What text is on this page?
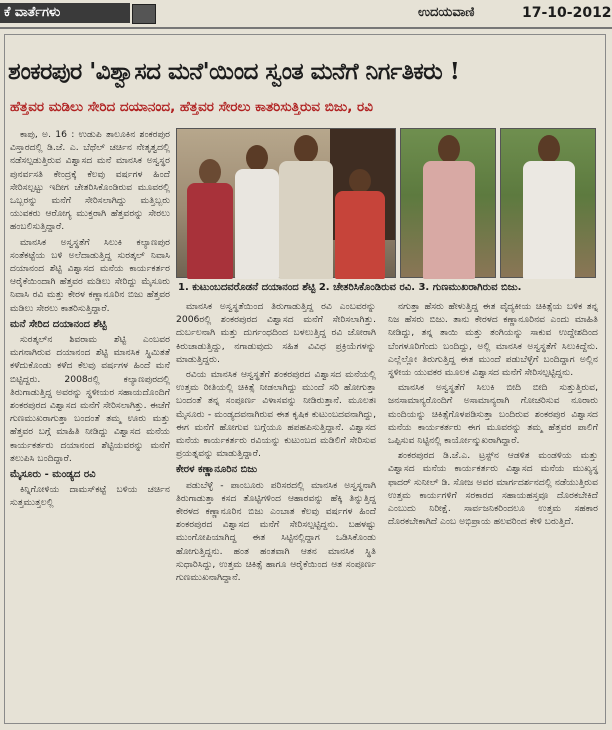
ಕೆ ವಾರ್ತೆಗಳು	ಉದಯವಾಣಿ	17-10-2012
ಶಂಕರಪುರ 'ವಿಶ್ವಾಸದ ಮನೆ'ಯಿಂದ ಸ್ವಂತ ಮನೆಗೆ ನಿರ್ಗತಿಕರು !
ಹೆತ್ತವರ ಮಡಿಲು ಸೇರಿದ ದಯಾನಂದ, ಹೆತ್ತವರ ಸೇರಲು ಕಾತರಿಸುತ್ತಿರುವ ಬಿಜು, ರವಿ
1. ಕುಟುಂಬದವರೊಡನೆ ದಯಾನಂದ ಶೆಟ್ಟಿ 2. ಚೇತರಿಸಿಕೊಂಡಿರುವ ರವಿ. 3. ಗುಣಮುಖರಾಗಿರುವ ಬಿಜು.

ಕಾಪು, ಅ. 16 : ಉಡುಪಿ ತಾಲೂಕಿನ ಶಂಕರಪುರ ವಿಸ್ತಾರದಲ್ಲಿ ಡಿ.ಜೆ. ಎ. ಬೆಥೆಲ್ ಚರ್ಚಿನ ನೇತೃತ್ವದಲ್ಲಿ ನಡೆಸಲ್ಪಡುತ್ತಿರುವ ವಿಶ್ವಾಸದ ಮನೆ ಮಾನಸಿಕ ಅಸ್ವಸ್ಥರ ಪುನರ್ವಸತಿ ಕೇಂದ್ರಕ್ಕೆ ಕೆಲವು ವರ್ಷಗಳ ಹಿಂದೆ ಸೇರಿಸಲ್ಪಟ್ಟು ಇದೀಗ ಚೇತರಿಸಿಕೊಂಡಿರುವ ಮೂವರಲ್ಲಿ ಒಬ್ಬರನ್ನು ಮನೆಗೆ ಸೇರಿಸಲಾಗಿದ್ದು ಮತ್ತಿಬ್ಬರು ಯುವಕರು ಆರೋಗ್ಯ ಮುಕ್ತರಾಗಿ ಹೆತ್ತವರನ್ನು ಸೇರಲು ಹಂಬಲಿಸುತ್ತಿದ್ದಾರೆ.

ಮಾನಸಿಕ ಅಸ್ವಸ್ಥತೆಗೆ ಸಿಲುಕಿ ಕಲ್ಯಾಣಪುರ ಸಂತೆಕಟ್ಟೆಯ ಬಳಿ ಅಲೆದಾಡುತ್ತಿದ್ದ ಸುರತ್ಕಲ್ ನಿವಾಸಿ ದಯಾನಂದ ಶೆಟ್ಟಿ ವಿಶ್ವಾಸದ ಮನೆಯ ಕಾರ್ಯಕರ್ತರ ಆರೈಕೆಯಿಂದಾಗಿ ಹೆತ್ತವರ ಮಡಿಲು ಸೇರಿದ್ದು ಮೈಸೂರು ನಿವಾಸಿ ರವಿ ಮತ್ತು ಕೇರಳ ಕಣ್ಣಾನೂರಿನ ಬಿಜು ಹೆತ್ತವರ ಮಡಿಲು ಸೇರಲು ಕಾತರಿಸುತ್ತಿದ್ದಾರೆ.

ಮನೆ ಸೇರಿದ ದಯಾನಂದ ಶೆಟ್ಟಿ

ಸುರತ್ಕಲ್‌ನ ಶಿವರಾಮ ಶೆಟ್ಟಿ ಎಂಬವರ ಮಗನಾಗಿರುವ ದಯಾನಂದ ಶೆಟ್ಟಿ ಮಾನಸಿಕ ಸ್ಥಿಮಿತತೆ ಕಳೆದುಕೊಂಡು ಕಳೆದ ಕೆಲವು ವರ್ಷಗಳ ಹಿಂದೆ ಮನೆ ಬಿಟ್ಟಿದ್ದರು. 2008ರಲ್ಲಿ ಕಲ್ಯಾಣಪುರದಲ್ಲಿ ತಿರುಗಾಡುತ್ತಿದ್ದ ಅವರನ್ನು ಸ್ಥಳೀಯರ ಸಹಾಯದೊಂದಿಗೆ ಶಂಕರಪುರದ ವಿಶ್ವಾಸದ ಮನೆಗೆ ಸೇರಿಸಲಾಗಿತ್ತು. ಈಚೆಗೆ ಗುಣಮುಖರಾಗುತ್ತಾ ಬಂದಂತೆ ತಮ್ಮ ಊರು ಮತ್ತು ಹೆತ್ತವರ ಬಗ್ಗೆ ಮಾಹಿತಿ ನೀಡಿದ್ದು ವಿಶ್ವಾಸದ ಮನೆಯ ಕಾರ್ಯಕರ್ತರು ದಯಾನಂದ ಶೆಟ್ಟಿಯವರನ್ನು ಮನೆಗೆ ತಲುಪಿಸಿ ಬಂದಿದ್ದಾರೆ.

ಮೈಸೂರು - ಮಂಡ್ಯದ ರವಿ

ಕಿನ್ನಿಗೋಳಿಯ ದಾಮಸ್‌ಕಟ್ಟೆ ಬಳಿಯ ಚರ್ಚಿನ ಸುತ್ತಮುತ್ತಲಲ್ಲಿ

ಮಾನಸಿಕ ಅಸ್ವಸ್ಥತೆಯಿಂದ ತಿರುಗಾಡುತ್ತಿದ್ದ ರವಿ ಎಂಬವರನ್ನು 2006ರಲ್ಲಿ ಶಂಕರಪುರದ ವಿಶ್ವಾಸದ ಮನೆಗೆ ಸೇರಿಸಲಾಗಿತ್ತು. ದುರ್ಬಲನಾಗಿ ಮತ್ತು ದುರ್ಗಂಧದಿಂದ ಬಳಲುತ್ತಿದ್ದ ರವಿ ಜೋರಾಗಿ ಕಿರುಚಾಡುತ್ತಿದ್ದು, ನಗಾಡುವುದು ಸಹಿತ ವಿವಿಧ ಪ್ರಕ್ರಿಯೆಗಳನ್ನು ಮಾಡುತ್ತಿದ್ದರು.

ರವಿಯ ಮಾನಸಿಕ ಆಸ್ವಸ್ಥತೆಗೆ ಶಂಕರಪುರದ ವಿಶ್ವಾಸದ ಮನೆಯಲ್ಲಿ ಉತ್ತಮ ರೀತಿಯಲ್ಲಿ ಚಿಕಿತ್ಸೆ ನೀಡಲಾಗಿದ್ದು ಮುಂದೆ ಸರಿ ಹೋಗುತ್ತಾ ಬಂದಂತೆ ತನ್ನ ಸಂಪೂರ್ಣ ವಿಳಾಸವನ್ನು ನೀಡಿರುತ್ತಾನೆ. ಮೂಲತಃ ಮೈಸೂರು - ಮಂಡ್ಯದವನಾಗಿರುವ ಈತ ಕೃಷಿಕ ಕುಟುಂಬದವನಾಗಿದ್ದು, ಈಗ ಮನೆಗೆ ಹೋಗುವ ಬಗ್ಗೆಯೂ ಹಪಹಪಿಸುತ್ತಿದ್ದಾನೆ. ವಿಶ್ವಾಸದ ಮನೆಯ ಕಾರ್ಯಕರ್ತರು ರವಿಯನ್ನು ಕುಟುಂಬದ ಮಡಿಲಿಗೆ ಸೇರಿಸುವ ಪ್ರಯತ್ನವನ್ನು ಮಾಡುತ್ತಿದ್ದಾರೆ.

ಕೇರಳ ಕಣ್ಣಾನೂರಿನ ಬಿಜು

ಪಡುಬೆಳ್ಳೆ - ಪಾಂಬೂರು ಪರಿಸರದಲ್ಲಿ ಮಾನಸಿಕ ಅಸ್ವಸ್ಥನಾಗಿ ತಿರುಗಾಡುತ್ತಾ ಕಸದ ತೊಟ್ಟಿಗಳಿಂದ ಆಹಾರವನ್ನು ಹೆಕ್ಕಿ ತಿನ್ನುತ್ತಿದ್ದ ಕೇರಳದ ಕಣ್ಣಾನೂರಿನ ಬಿಜು ಎಂಬಾತ ಕೆಲವು ವರ್ಷಗಳ ಹಿಂದೆ ಶಂಕರಪುರದ ವಿಶ್ವಾಸದ ಮನೆಗೆ ಸೇರಿಸಲ್ಪಟ್ಟಿದ್ದನು. ಬಹಳಷ್ಟು ಮುಂಗೋಪಿಯಾಗಿದ್ದ ಈತ ಸಿಟ್ಟಿನಲ್ಲಿದ್ದಾಗ ಒಡಿಸಿಕೊಂಡು ಹೋಗುತ್ತಿದ್ದನು. ಹಂತ ಹಂತವಾಗಿ ಆತನ ಮಾನಸಿಕ ಸ್ಥಿತಿ ಸುಧಾರಿಸಿದ್ದು, ಉತ್ತಮ ಚಿಕಿತ್ಸೆ ಹಾಗೂ ಆರೈಕೆಯಿಂದ ಆತ ಸಂಪೂರ್ಣ ಗುಣಮುಖನಾಗಿದ್ದಾನೆ.

ನಗುತ್ತಾ ಹೆಸರು ಹೇಳುತ್ತಿದ್ದ ಈತ ವೈದ್ಯಕೀಯ ಚಿಕಿತ್ಸೆಯ ಬಳಿಕ ತನ್ನ ನಿಜ ಹೆಸರು ಬಿಜು. ತಾನು ಕೇರಳದ ಕಣ್ಣಾನೂರಿನವ ಎಂದು ಮಾಹಿತಿ ನೀಡಿದ್ದು, ತನ್ನ ತಾಯಿ ಮತ್ತು ತಂಗಿಯನ್ನು ಸಾಕುವ ಉದ್ದೇಶದಿಂದ ಬೆಂಗಳೂರಿಗೆಂದು ಬಂದಿದ್ದು, ಅಲ್ಲಿ ಮಾನಸಿಕ ಅಸ್ವಸ್ಥತೆಗೆ ಸಿಲುಕಿದ್ದೆನು. ಎಲ್ಲೆಲ್ಲೋ ತಿರುಗುತ್ತಿದ್ದ ಈತ ಮುಂದೆ ಪಡುಬೆಳ್ಳೆಗೆ ಬಂದಿದ್ದಾಗ ಅಲ್ಲಿನ ಸ್ಥಳೀಯ ಯುವಕರ ಮೂಲಕ ವಿಶ್ವಾಸದ ಮನೆಗೆ ಸೇರಿಸಲ್ಪಟ್ಟಿದ್ದನು.

ಮಾನಸಿಕ ಅಸ್ವಸ್ಥತೆಗೆ ಸಿಲುಕಿ ಬೀದಿ ಬೀದಿ ಸುತ್ತುತ್ತಿರುವ, ಜನಸಾಮಾನ್ಯರೊಂದಿಗೆ ಅಸಾಮಾನ್ಯರಾಗಿ ಗೋಚರಿಸುವ ನೂರಾರು ಮಂದಿಯನ್ನು ಚಿಕಿತ್ಸೆಗೊಳಪಡಿಸುತ್ತಾ ಬಂದಿರುವ ಶಂಕರಪುರ ವಿಶ್ವಾಸದ ಮನೆಯ ಕಾರ್ಯಕರ್ತರು ಈಗ ಮೂವರನ್ನು ತಮ್ಮ ಹೆತ್ತವರ ಪಾಲಿಗೆ ಒಪ್ಪಿಸುವ ನಿಟ್ಟಿನಲ್ಲಿ ಕಾರ್ಯೋನ್ಮುಖರಾಗಿದ್ದಾರೆ.

ಶಂಕರಪುರದ ಡಿ.ಜೆ.ಎ. ಟ್ರಸ್ಟ್‌ನ ಆಡಳಿತ ಮಂಡಳಿಯ ಮತ್ತು ವಿಶ್ವಾಸದ ಮನೆಯ ಕಾರ್ಯಕರ್ತರು ವಿಶ್ವಾಸದ ಮನೆಯ ಮುಖ್ಯಸ್ಥ ಫಾದರ್ ಸುನೀಲ್ ಡಿ. ಸೋಜ ಅವರ ಮಾರ್ಗದರ್ಶನದಲ್ಲಿ ನಡೆಯುತ್ತಿರುವ ಉತ್ತಮ ಕಾರ್ಯಗಳಿಗೆ ಸರಕಾರದ ಸಹಾಯಹಸ್ತವೂ ದೊರಕಬೇಕಿದೆ ಎಂಬುದು ನಿರೀಕ್ಷೆ. ಸಾರ್ವಜನಿಕರಿಂದಲೂ ಉತ್ತಮ ಸಹಕಾರ ದೊರಕಬೇಕಾಗಿದೆ ಎಂಬ ಅಭಿಪ್ರಾಯ ಹಲವರಿಂದ ಕೇಳಿ ಬರುತ್ತಿದೆ.
